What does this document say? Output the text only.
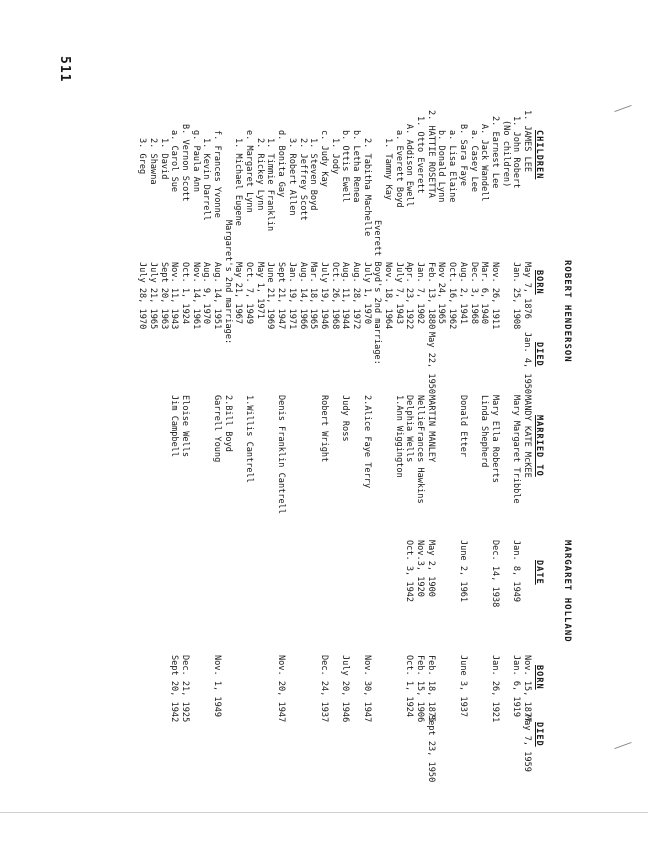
511
ROBERT HENDERSON
MARGARET HOLLAND
CHILDREN
BORN
DIED
MARRIED TO
DATE
BORN
DIED
1. JAMES LEE
May 7, 1876
Jan. 4, 1950
MANDY KATE McKEE
Nov. 15, 1877
May 7, 1959
1. John Robert
Jan. 25, 1908
Mary Margaret Tribble
Jan. 8, 1949
Jan. 6, 1919
(No children)
2. Earnest Lee
Nov. 26, 1911
Mary Ella Roberts
Dec. 14, 1938
Jan. 26, 1921
A. Jack Wandell
Mar. 6, 1940
Linda Shepherd
a. Casey Lee
Dec. 3, 1968
B. Sara Faye
Aug. 2, 1941
Donald Etter
June 2, 1961
June 3, 1937
a. Lisa Elaine
Oct. 16, 1962
b. Donald Lynn
Nov 24, 1965
2. HATTIE ROSETTA
Feb. 13, 1880
May 22, 1950
MARTIN MANLEY
May 2, 1900
Feb. 18, 1875
Sept 23, 1950
1. Otto Everett
Jan. 7, 1902
NellieFrances Hawkins
Nov.3, 1920
Feb. 15, 1906
A. Addison Ewell
Apr. 23, 1922
Delphia Wells
Oct. 3, 1942
Oct. 1, 1924
a. Everett Boyd
July 7, 1943
1.Ann Wiggington
1. Tammy Kay
Nov. 18, 1964
Everett Boyd's 2nd marriage:
2. Tabitha Machelle
July 1, 1970
2.Alice Faye Terry
Nov. 30, 1947
b. Letha Renea
Aug. 28, 1972
b. Ottis Ewell
Aug. 11, 1944
Judy Ross
July 20, 1946
1. Jody
Oct. 26, 1968
c. Judy Kay
July 19, 1946
Robert Wright
Dec. 24, 1937
1. Steven Boyd
Mar. 18, 1965
2. Jeffrey Scott
Aug. 14, 1966
3. Robert Allen
Jan. 19, 1971
d. Bonita Gay
Sept 21, 1947
Denis Franklin Cantrell
Nov. 20, 1947
1. Timmie Franklin
June 21, 1969
2. Rickey Lynn
May 1, 1971
e. Margaret Lynn
Oct. 7, 1949
1.Willis Cantrell
1. Michael Eugene
May 21, 1967
Margaret's 2nd marriage:
2.Bill Boyd
f. Frances Yvonne
Aug. 14, 1951
Garrell Young
Nov. 1, 1949
1. Kevin Darrell
Aug. 9, 1970
g. Paula Ann
Nov. 14, 1961
B. Vernon Scott
Oct. 1, 1924
Eloise Wells
Dec. 21, 1925
a. Carol Sue
Nov. 11, 1943
Jim Campbell
Sept 20, 1942
1. David
Sept 20, 1963
2. Shawna
July 21, 1965
3. Greg
July 28, 1970
